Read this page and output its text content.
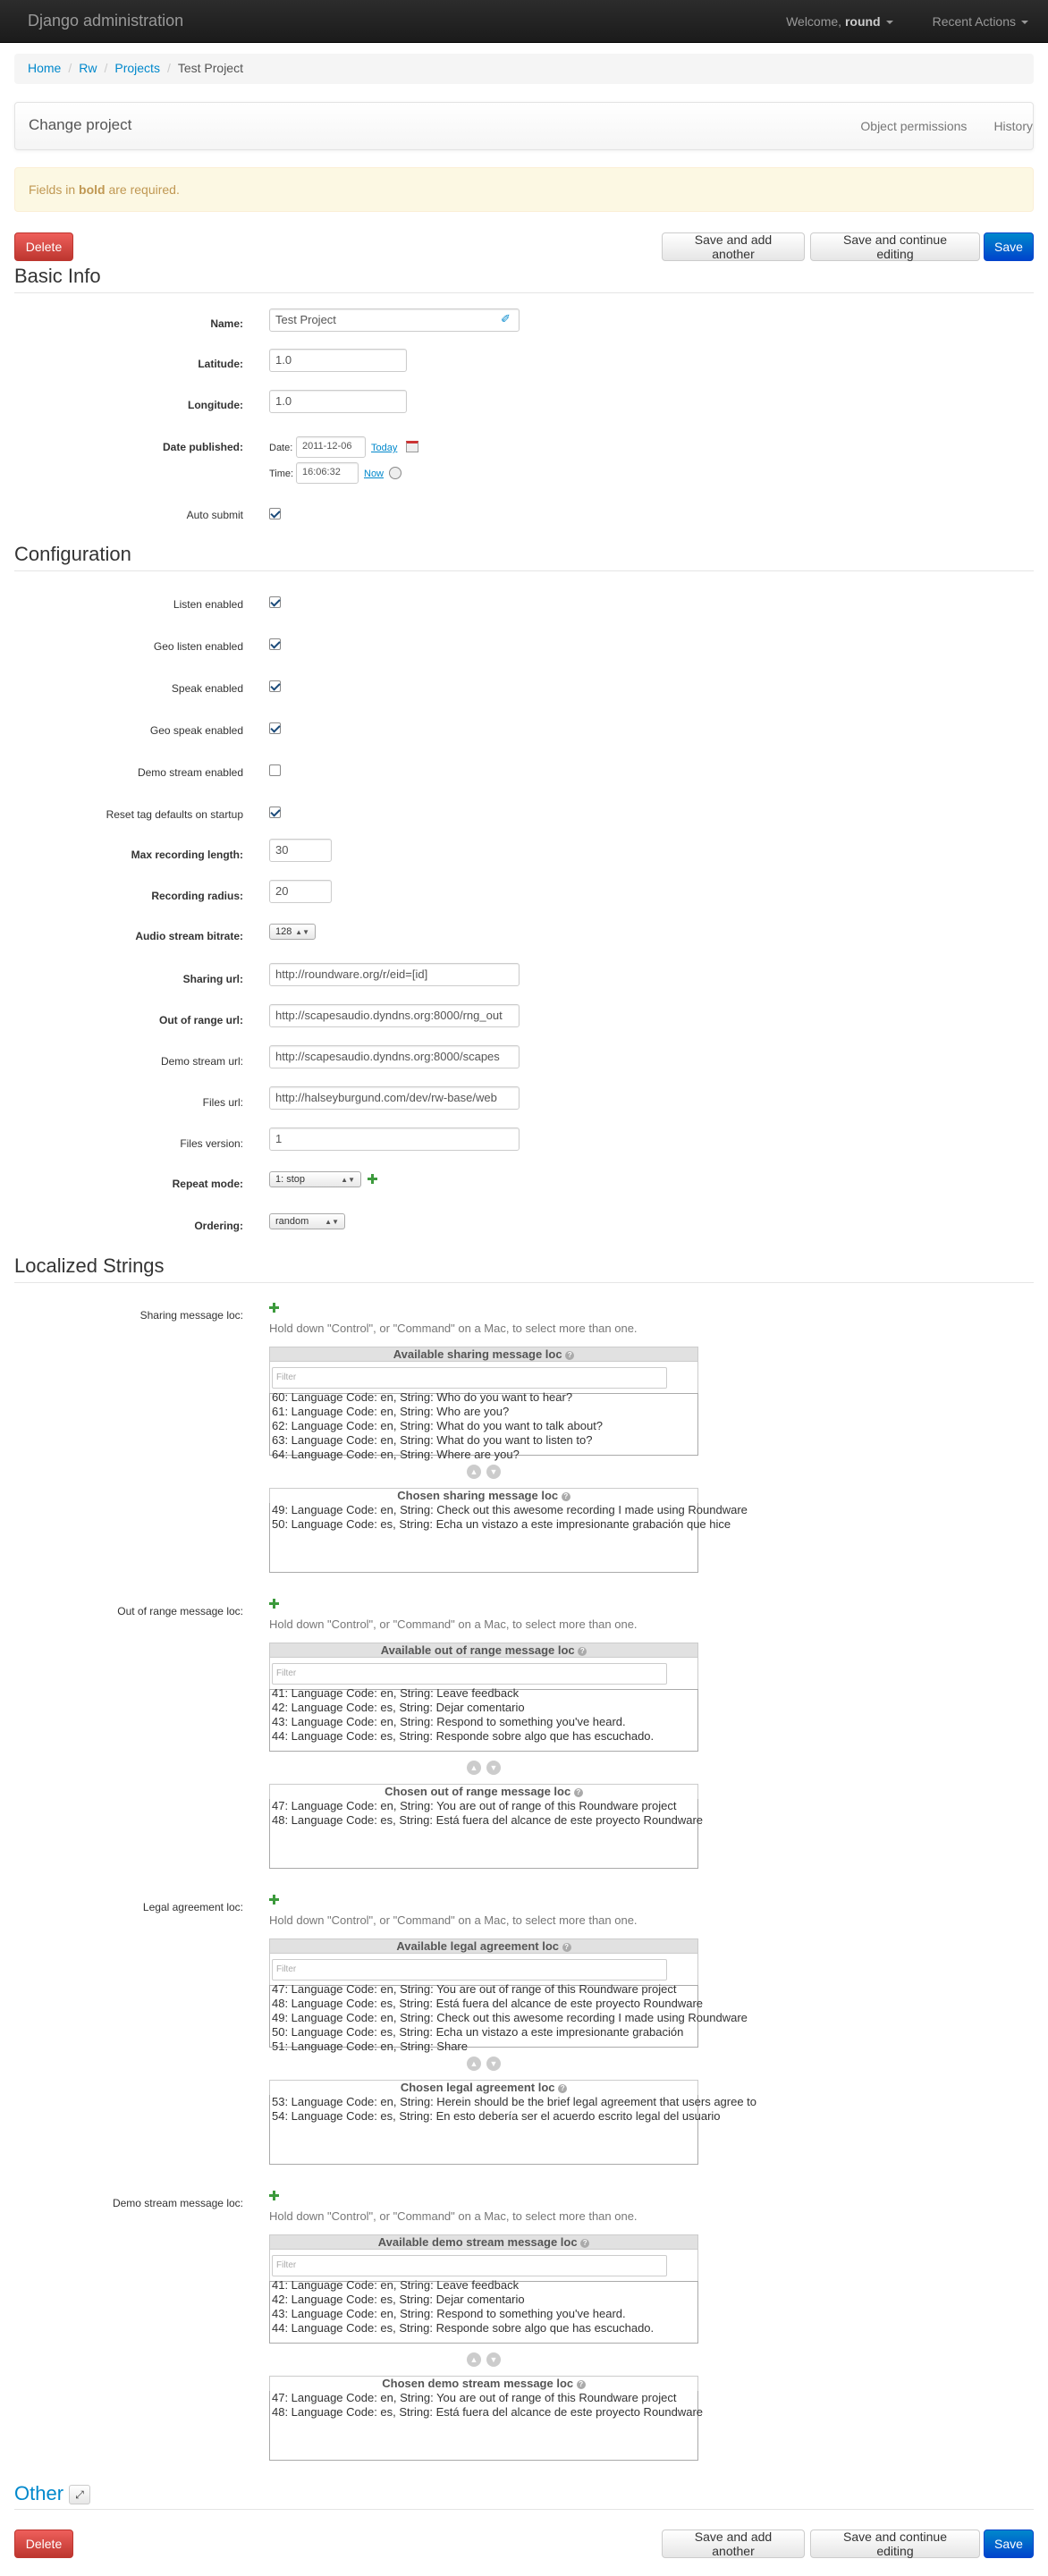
Django administration	Welcome, round	Recent Actions
Home / Rw / Projects / Test Project
Change project	Object permissions History
Fields in bold are required.
Delete	Save and add another
Save and continue editing	Save
Basic Info
Name:	Test Project	✐
Latitude:	1.0
Longitude:	1.0
Date published:	Date: 2011-12-06	Today
Time: 16:06:32	Now
Auto submit
Configuration
Listen enabled
Geo listen enabled
Speak enabled
Geo speak enabled
Demo stream enabled
Reset tag defaults on startup
Max recording length:	30
Recording radius:	20
Audio stream bitrate:	128 ▲▼
Sharing url:	http://roundware.org/r/eid=[id]
Out of range url:	http://scapesaudio.dyndns.org:8000/rng_out
Demo stream url:	http://scapesaudio.dyndns.org:8000/scapes
Files url:	http://halseyburgund.com/dev/rw-base/web
Files version:	1
Repeat mode:	1: stop	▲▼
Ordering:	random ▲▼
Localized Strings
Sharing message loc:
Hold down "Control", or "Command" on a Mac, to select more than one.
Available sharing message loc ?
Filter
60: Language Code: en, String: Who do you want to hear?
61: Language Code: en, String: Who are you?
62: Language Code: en, String: What do you want to talk about?
63: Language Code: en, String: What do you want to listen to?
64: Language Code: en, String: Where are you?
▲	▼
Chosen sharing message loc ?
49: Language Code: en, String: Check out this awesome recording I made using Roundware
50: Language Code: es, String: Echa un vistazo a este impresionante grabación que hice
Out of range message loc:
Hold down "Control", or "Command" on a Mac, to select more than one.
Available out of range message loc ?
Filter
41: Language Code: en, String: Leave feedback
42: Language Code: es, String: Dejar comentario
43: Language Code: en, String: Respond to something you've heard.
44: Language Code: es, String: Responde sobre algo que has escuchado.
▲	▼
Chosen out of range message loc ?
47: Language Code: en, String: You are out of range of this Roundware project
48: Language Code: es, String: Está fuera del alcance de este proyecto Roundware
Legal agreement loc:
Hold down "Control", or "Command" on a Mac, to select more than one.
Available legal agreement loc ?
Filter
47: Language Code: en, String: You are out of range of this Roundware project
48: Language Code: es, String: Está fuera del alcance de este proyecto Roundware
49: Language Code: en, String: Check out this awesome recording I made using Roundware
50: Language Code: es, String: Echa un vistazo a este impresionante grabación
51: Language Code: en, String: Share
▲	▼
Chosen legal agreement loc ?
53: Language Code: en, String: Herein should be the brief legal agreement that users agree to
54: Language Code: es, String: En esto debería ser el acuerdo escrito legal del usuario
Demo stream message loc:
Hold down "Control", or "Command" on a Mac, to select more than one.
Available demo stream message loc ?
Filter
41: Language Code: en, String: Leave feedback
42: Language Code: es, String: Dejar comentario
43: Language Code: en, String: Respond to something you've heard.
44: Language Code: es, String: Responde sobre algo que has escuchado.
▲	▼
Chosen demo stream message loc ?
47: Language Code: en, String: You are out of range of this Roundware project
48: Language Code: es, String: Está fuera del alcance de este proyecto Roundware
Other ⤢
Delete	Save and add another
Save and continue editing	Save
